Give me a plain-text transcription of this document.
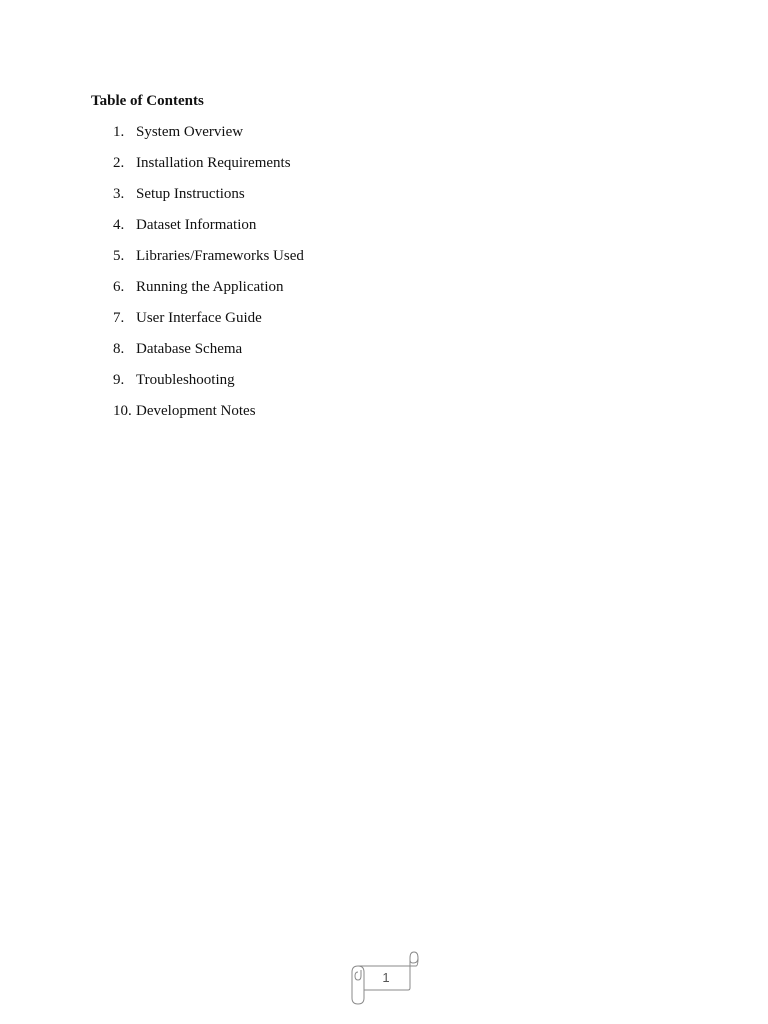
Table of Contents
1. System Overview
2. Installation Requirements
3. Setup Instructions
4. Dataset Information
5. Libraries/Frameworks Used
6. Running the Application
7. User Interface Guide
8. Database Schema
9. Troubleshooting
10. Development Notes
1
